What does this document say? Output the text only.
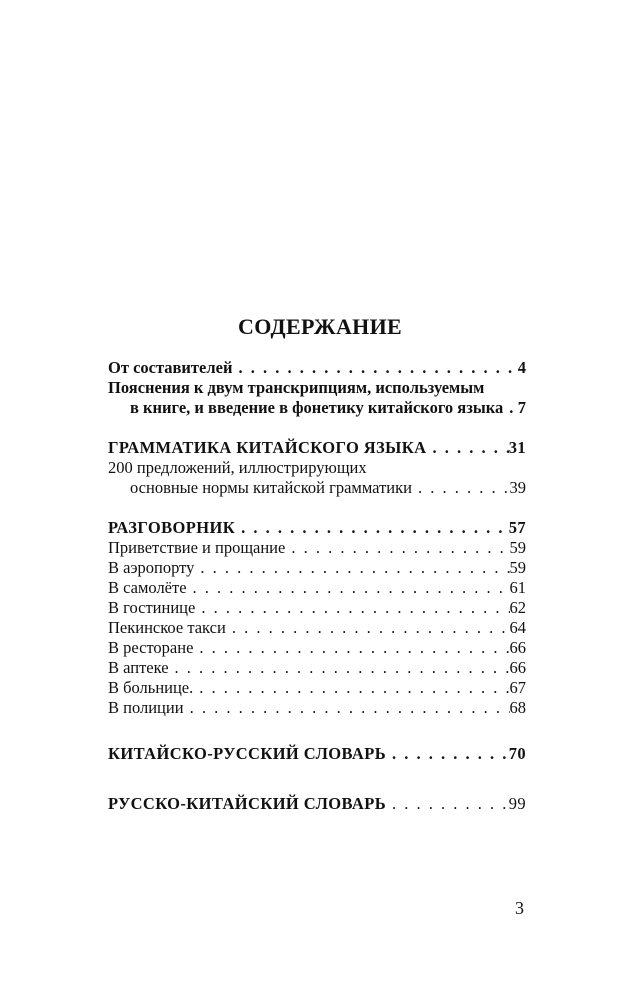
СОДЕРЖАНИЕ
От составителей . . .	4
Пояснения к двум транскрипциям, используемым
в книге, и введение в фонетику китайского языка . . . 7
ГРАММАТИКА КИТАЙСКОГО ЯЗЫКА . . .	31
200 предложений, иллюстрирующих
основные нормы китайской грамматики . . .	39
РАЗГОВОРНИК . . .	57
Приветствие и прощание . . .	59
В аэропорту . . .	59
В самолёте . . .	61
В гостинице . . .	62
Пекинское такси . . .	64
В ресторане . . .	66
В аптеке . . .	66
В больнице. . . .	67
В полиции . . .	68
КИТАЙСКО-РУССКИЙ СЛОВАРЬ . . .	70
РУССКО-КИТАЙСКИЙ СЛОВАРЬ . . .	99
3
